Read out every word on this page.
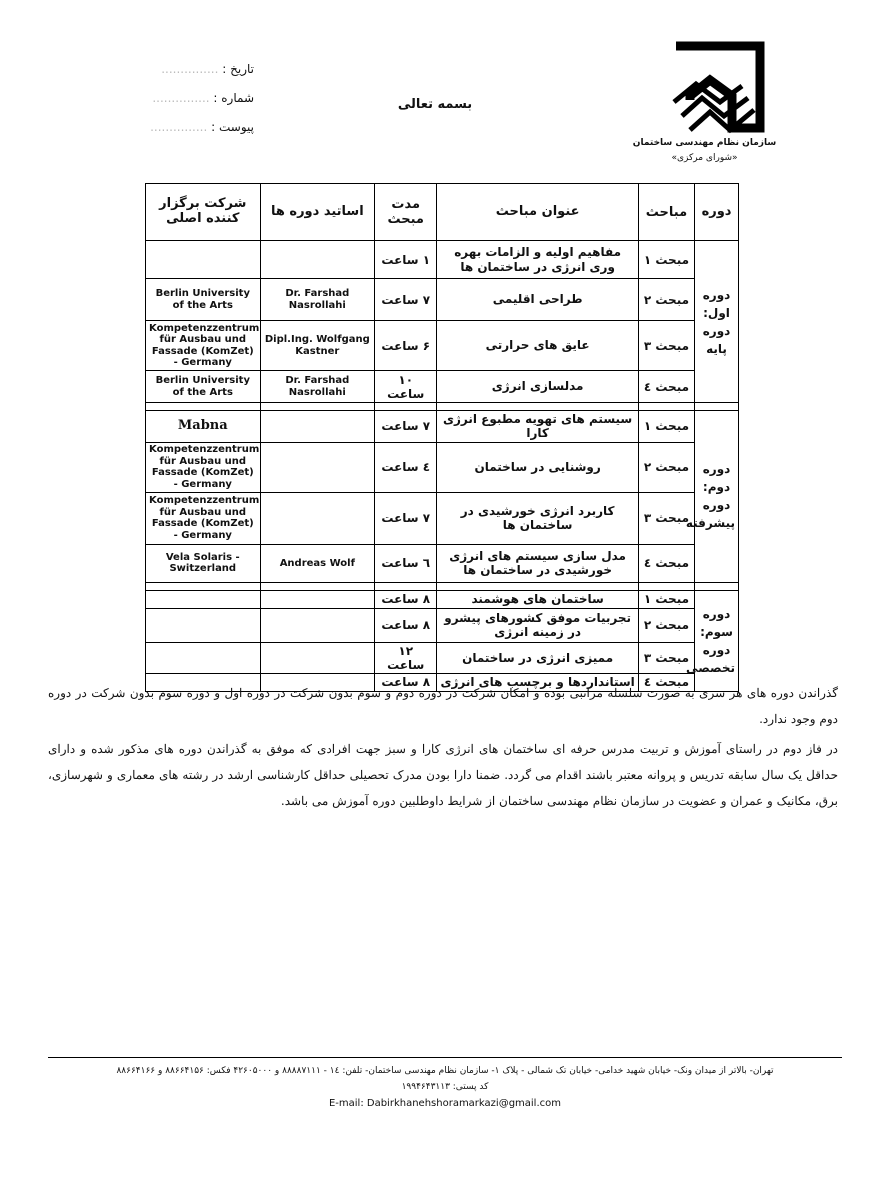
سازمان نظام مهندسی ساختمان
«شورای مرکزی»
بسمه تعالی
تاریخ : ...............
شماره : ...............
پیوست : ...............
دوره	مباحث	عنوان مباحث	مدت مبحث	اساتید دوره ها	شرکت برگزار کننده اصلی
دوره اول: دوره پایه	مبحث ۱	مفاهیم اولیه و الزامات بهره وری انرژی در ساختمان ها	۱ ساعت		
	مبحث ۲	طراحی اقلیمی	۷ ساعت	Dr. Farshad Nasrollahi	Berlin University of the Arts
	مبحث ۳	عایق های حرارتی	۶ ساعت	Dipl.Ing. Wolfgang Kastner	Kompetenzzentrum für Ausbau und Fassade (KomZet) - Germany
	مبحث ٤	مدلسازی انرژی	۱۰ ساعت	Dr. Farshad Nasrollahi	Berlin University of the Arts

دوره دوم: دوره پیشرفته	مبحث ۱	سیستم های تهویه مطبوع انرژی کارا	۷ ساعت		Mabna
	مبحث ۲	روشنایی در ساختمان	٤ ساعت		Kompetenzzentrum für Ausbau und Fassade (KomZet) - Germany
	مبحث ۳	کاربرد انرژی خورشیدی در ساختمان ها	۷ ساعت		Kompetenzzentrum für Ausbau und Fassade (KomZet) - Germany
	مبحث ٤	مدل سازی سیستم های انرژی خورشیدی در ساختمان ها	٦ ساعت	Andreas Wolf	Vela Solaris - Switzerland

دوره سوم: دوره تخصصی	مبحث ۱	ساختمان های هوشمند	۸ ساعت		
	مبحث ۲	تجربیات موفق کشورهای پیشرو در زمینه انرژی	۸ ساعت		
	مبحث ۳	ممیزی انرژی در ساختمان	۱۲ ساعت		
	مبحث ٤	استانداردها و برچسب های انرژی	۸ ساعت		
گذراندن دوره های هر سری به صورت سلسله مراتبی بوده و امکان شرکت در دوره دوم و سوم بدون شرکت در دوره اول و دوره سوم بدون شرکت در دوره دوم وجود ندارد.
در فاز دوم در راستای آموزش و تربیت مدرس حرفه ای ساختمان های انرژی کارا و سبز جهت افرادی که موفق به گذراندن دوره های مذکور شده و دارای حداقل یک سال سابقه تدریس و پروانه معتبر باشند اقدام می گردد. ضمنا دارا بودن مدرک تحصیلی حداقل کارشناسی ارشد در رشته های معماری و شهرسازی، برق، مکانیک و عمران و عضویت در سازمان نظام مهندسی ساختمان از شرایط داوطلبین دوره آموزش می باشد.
تهران- بالاتر از میدان ونک- خیابان شهید خدامی- خیابان تک شمالی - پلاک ۱- سازمان نظام مهندسی ساختمان- تلفن: ۱٤ - ۸۸۸۸۷۱۱۱ و ۴۲۶۰۵۰۰۰ فکس: ۸۸۶۶۴۱۵۶ و ۸۸۶۶۴۱۶۶
کد پستی: ۱۹۹۴۶۴۳۱۱۳
E-mail: Dabirkhanehshoramarkazi@gmail.com
